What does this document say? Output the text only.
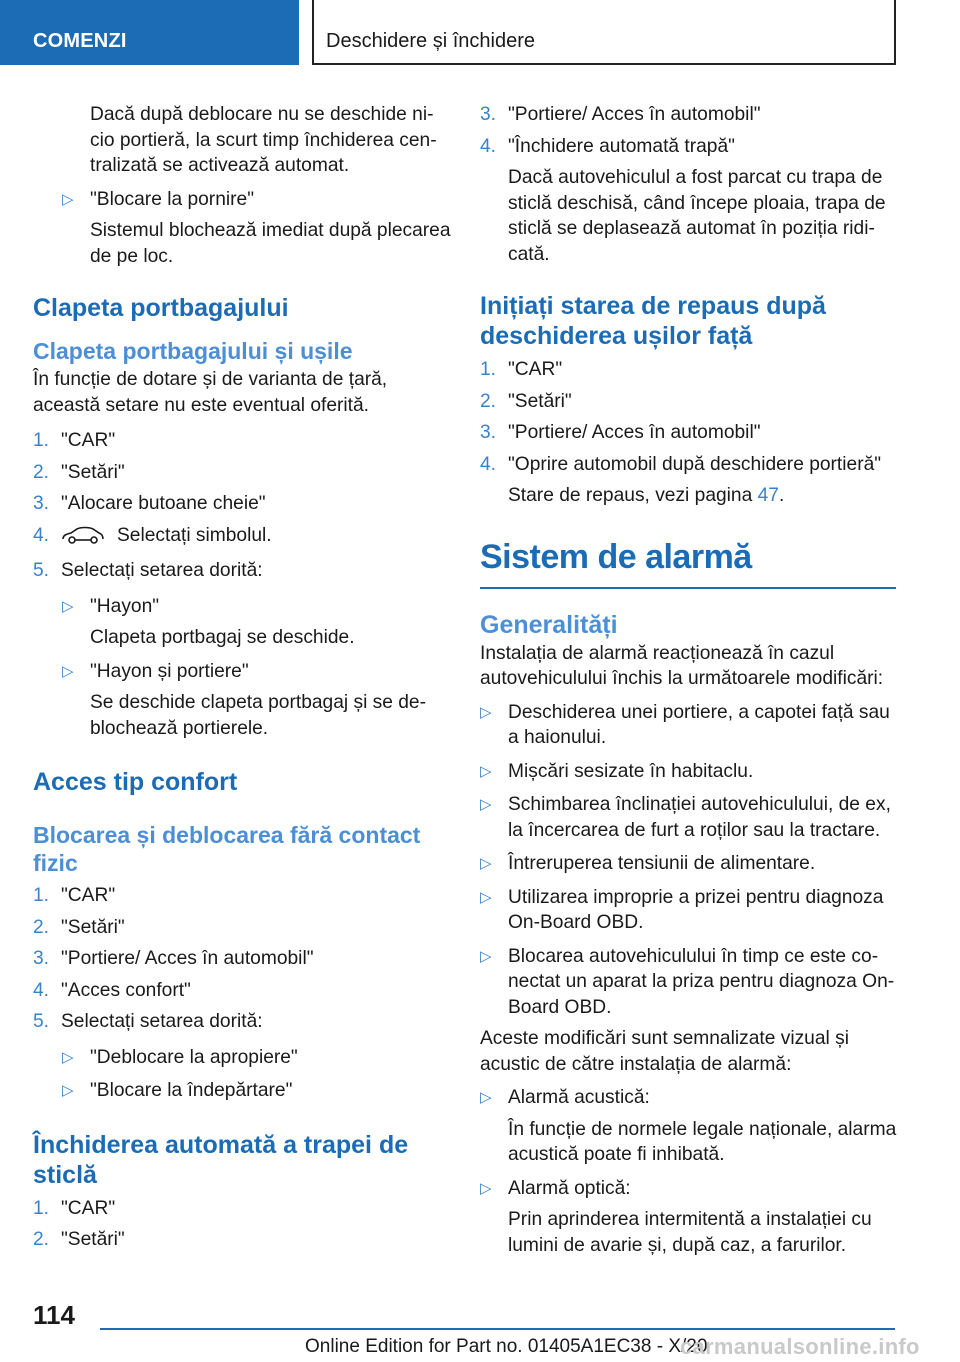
COMENZI	Deschidere și închidere
Dacă după deblocare nu se deschide nicio portieră, la scurt timp închiderea centralizată se activează automat.
▷ "Blocare la pornire"
Sistemul blochează imediat după plecarea de pe loc.
Clapeta portbagajului
Clapeta portbagajului și ușile
În funcție de dotare și de varianta de țară, această setare nu este eventual oferită.
1. "CAR"
2. "Setări"
3. "Alocare butoane cheie"
4.	Selectați simbolul.
5. Selectați setarea dorită:
▷ "Hayon"
Clapeta portbagaj se deschide.
▷ "Hayon și portiere"
Se deschide clapeta portbagaj și se deblochează portierele.
Acces tip confort
Blocarea și deblocarea fără contact fizic
1. "CAR"
2. "Setări"
3. "Portiere/ Acces în automobil"
4. "Acces confort"
5. Selectați setarea dorită:
▷ "Deblocare la apropiere"
▷ "Blocare la îndepărtare"
Închiderea automată a trapei de sticlă
1. "CAR"
2. "Setări"
3. "Portiere/ Acces în automobil"
4. "Închidere automată trapă"
Dacă autovehiculul a fost parcat cu trapa de sticlă deschisă, când începe ploaia, trapa de sticlă se deplasează automat în poziția ridicată.
Inițiați starea de repaus după deschiderea ușilor față
1. "CAR"
2. "Setări"
3. "Portiere/ Acces în automobil"
4. "Oprire automobil după deschidere portieră"
Stare de repaus, vezi pagina 47.
Sistem de alarmă
Generalități
Instalația de alarmă reacționează în cazul autovehiculului închis la următoarele modificări:
▷ Deschiderea unei portiere, a capotei față sau a haionului.
▷ Mișcări sesizate în habitaclu.
▷ Schimbarea înclinației autovehiculului, de ex, la încercarea de furt a roților sau la tractare.
▷ Întreruperea tensiunii de alimentare.
▷ Utilizarea improprie a prizei pentru diagnoza On-Board OBD.
▷ Blocarea autovehiculului în timp ce este conectat un aparat la priza pentru diagnoza On-Board OBD.
Aceste modificări sunt semnalizate vizual și acustic de către instalația de alarmă:
▷ Alarmă acustică:
În funcție de normele legale naționale, alarma acustică poate fi inhibată.
▷ Alarmă optică:
Prin aprinderea intermitentă a instalației cu lumini de avarie și, după caz, a farurilor.
114
Online Edition for Part no. 01405A1EC38 - X/20
carmanualsonline.info
